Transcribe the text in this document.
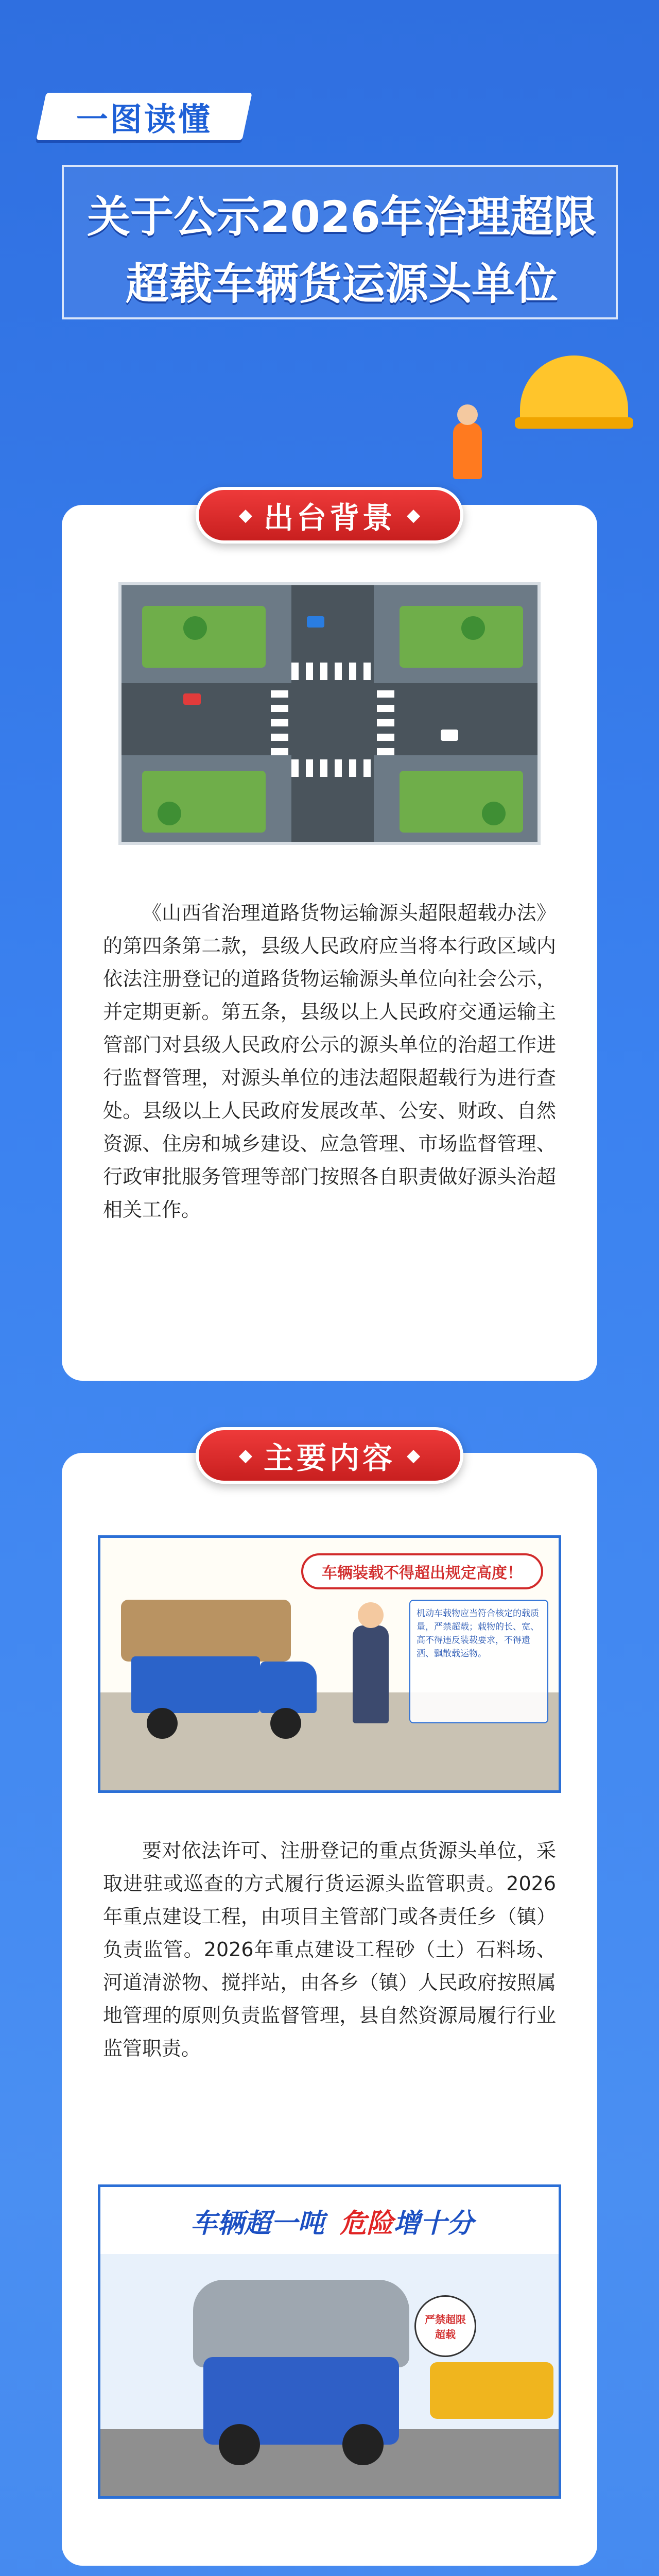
一图读懂
关于公示2026年治理超限
超载车辆货运源头单位
◆ 出台背景 ◆
《山西省治理道路货物运输源头超限超载办法》的第四条第二款，县级人民政府应当将本行政区域内依法注册登记的道路货物运输源头单位向社会公示，并定期更新。第五条，县级以上人民政府交通运输主管部门对县级人民政府公示的源头单位的治超工作进行监督管理，对源头单位的违法超限超载行为进行查处。县级以上人民政府发展改革、公安、财政、自然资源、住房和城乡建设、应急管理、市场监督管理、行政审批服务管理等部门按照各自职责做好源头治超相关工作。
◆ 主要内容 ◆
车辆装载不得超出规定高度！
机动车载物应当符合核定的载质量，严禁超载；载物的长、宽、高不得违反装载要求，不得遗洒、飘散载运物。
要对依法许可、注册登记的重点货源头单位，采取进驻或巡查的方式履行货运源头监管职责。2026年重点建设工程，由项目主管部门或各责任乡（镇）负责监管。2026年重点建设工程砂（土）石料场、河道清淤物、搅拌站，由各乡（镇）人民政府按照属地管理的原则负责监督管理，县自然资源局履行行业监管职责。
车辆超一吨 危险 增十分
严禁超限超载
